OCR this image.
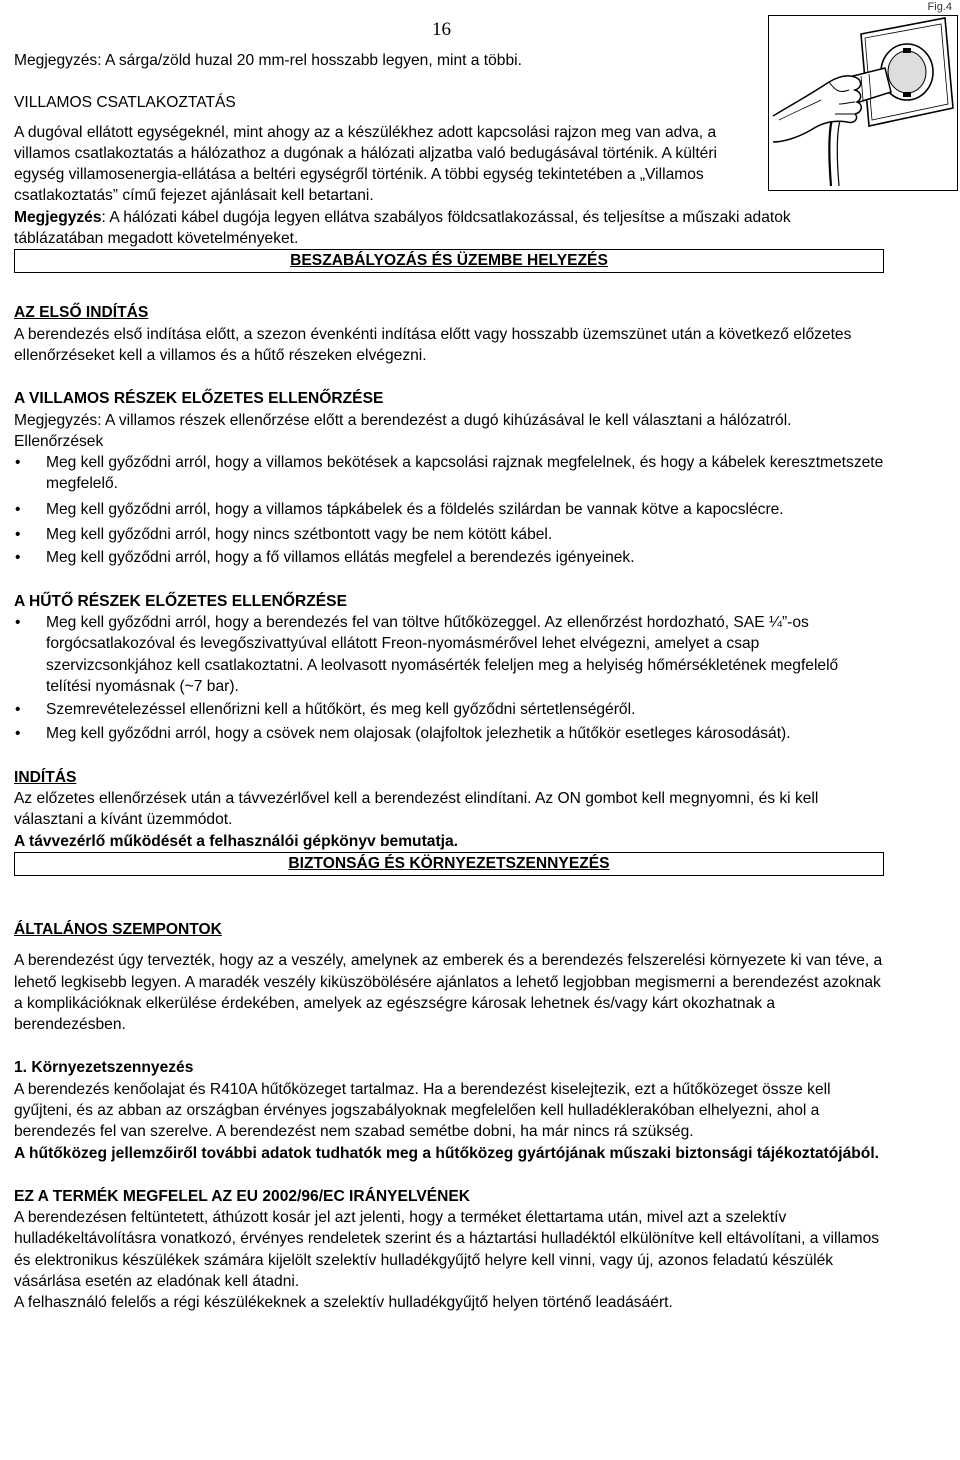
16
Fig.4

Megjegyzés: A sárga/zöld huzal 20 mm-rel hosszabb legyen, mint a többi.

VILLAMOS CSATLAKOZTATÁS

A dugóval ellátott egységeknél, mint ahogy az a készülékhez adott kapcsolási rajzon meg van adva, a villamos csatlakoztatás a hálózathoz a dugónak a hálózati aljzatba való bedugásával történik. A kültéri egység villamosenergia-ellátása a beltéri egységről történik. A többi egység tekintetében a „Villamos csatlakoztatás” című fejezet ajánlásait kell betartani.

Megjegyzés: A hálózati kábel dugója legyen ellátva szabályos földcsatlakozással, és teljesítse a műszaki adatok táblázatában megadott követelményeket.

BESZABÁLYOZÁS ÉS ÜZEMBE HELYEZÉS

AZ ELSŐ INDÍTÁS

A berendezés első indítása előtt, a szezon évenkénti indítása előtt vagy hosszabb üzemszünet után a következő előzetes ellenőrzéseket kell a villamos és a hűtő részeken elvégezni.

A VILLAMOS RÉSZEK ELŐZETES ELLENŐRZÉSE

Megjegyzés: A villamos részek ellenőrzése előtt a berendezést a dugó kihúzásával le kell választani a hálózatról.

Ellenőrzések

• Meg kell győződni arról, hogy a villamos bekötések a kapcsolási rajznak megfelelnek, és hogy a kábelek keresztmetszete megfelelő.
• Meg kell győződni arról, hogy a villamos tápkábelek és a földelés szilárdan be vannak kötve a kapocslécre.
• Meg kell győződni arról, hogy nincs szétbontott vagy be nem kötött kábel.
• Meg kell győződni arról, hogy a fő villamos ellátás megfelel a berendezés igényeinek.

A HŰTŐ RÉSZEK ELŐZETES ELLENŐRZÉSE

• Meg kell győződni arról, hogy a berendezés fel van töltve hűtőközeggel. Az ellenőrzést hordozható, SAE ¼”-os forgócsatlakozóval és levegőszivattyúval ellátott Freon-nyomásmérővel lehet elvégezni, amelyet a csap szervizcsonkjához kell csatlakoztatni. A leolvasott nyomásérték feleljen meg a helyiség hőmérsékletének megfelelő telítési nyomásnak (~7 bar).
• Szemrevételezéssel ellenőrizni kell a hűtőkört, és meg kell győződni sértetlenségéről.
• Meg kell győződni arról, hogy a csövek nem olajosak (olajfoltok jelezhetik a hűtőkör esetleges károsodását).

INDÍTÁS

Az előzetes ellenőrzések után a távvezérlővel kell a berendezést elindítani. Az ON gombot kell megnyomni, és ki kell választani a kívánt üzemmódot.

A távvezérlő működését a felhasználói gépkönyv bemutatja.

BIZTONSÁG ÉS KÖRNYEZETSZENNYEZÉS

ÁLTALÁNOS SZEMPONTOK

A berendezést úgy tervezték, hogy az a veszély, amelynek az emberek és a berendezés felszerelési környezete ki van téve, a lehető legkisebb legyen. A maradék veszély kiküszöbölésére ajánlatos a lehető legjobban megismerni a berendezést azoknak a komplikációknak elkerülése érdekében, amelyek az egészségre károsak lehetnek és/vagy kárt okozhatnak a berendezésben.

1. Környezetszennyezés

A berendezés kenőolajat és R410A hűtőközeget tartalmaz. Ha a berendezést kiselejtezik, ezt a hűtőközeget össze kell gyűjteni, és az abban az országban érvényes jogszabályoknak megfelelően kell hulladéklerakóban elhelyezni, ahol a berendezés fel van szerelve. A berendezést nem szabad semétbe dobni, ha már nincs rá szükség.

A hűtőközeg jellemzőiről további adatok tudhatók meg a hűtőközeg gyártójának műszaki biztonsági tájékoztatójából.

EZ A TERMÉK MEGFELEL AZ EU 2002/96/EC IRÁNYELVÉNEK

A berendezésen feltüntetett, áthúzott kosár jel azt jelenti, hogy a terméket élettartama után, mivel azt a szelektív hulladékeltávolításra vonatkozó, érvényes rendeletek szerint és a háztartási hulladéktól elkülönítve kell eltávolítani, a villamos és elektronikus készülékek számára kijelölt szelektív hulladékgyűjtő helyre kell vinni, vagy új, azonos feladatú készülék vásárlása esetén az eladónak kell átadni.

A felhasználó felelős a régi készülékeknek a szelektív hulladékgyűjtő helyen történő leadásáért.
